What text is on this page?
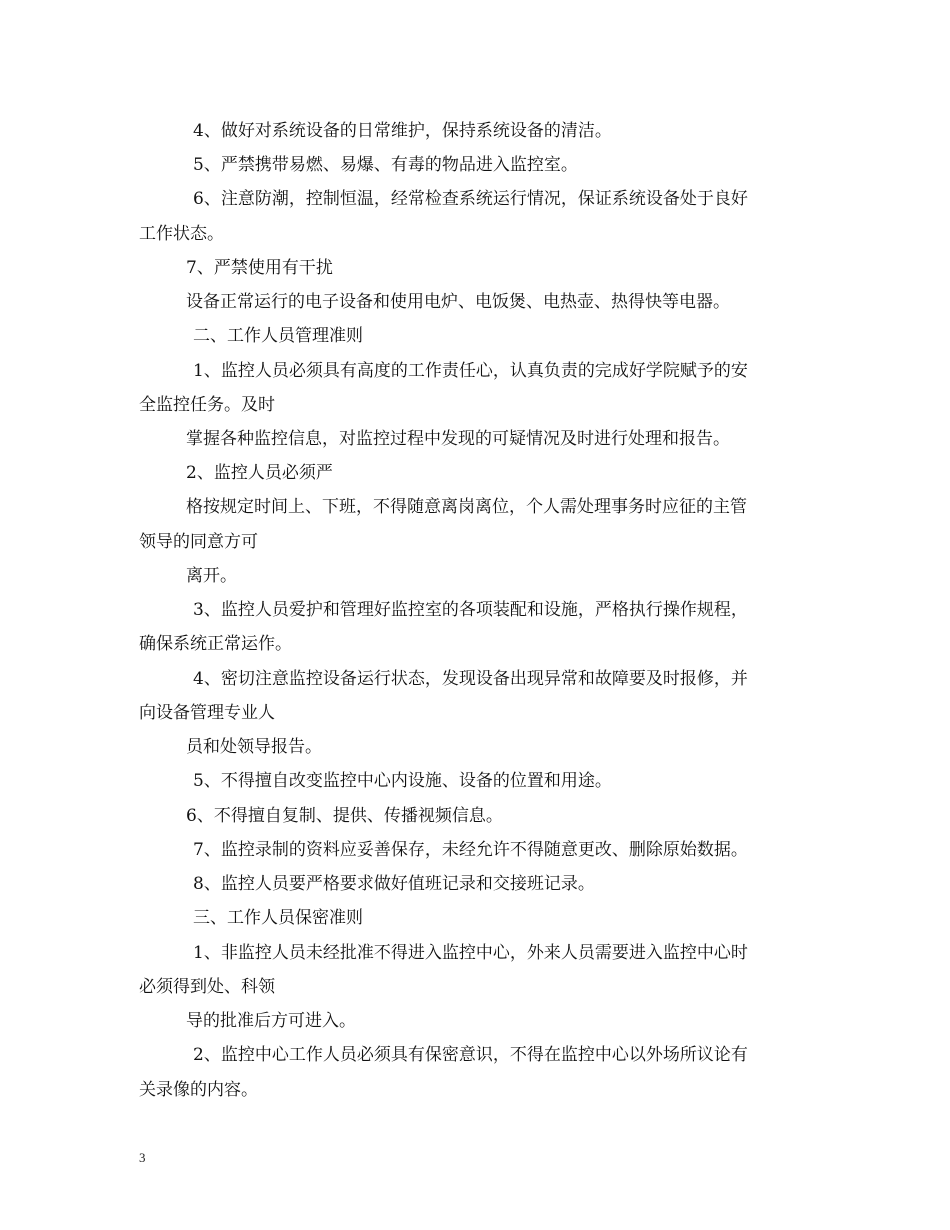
4、做好对系统设备的日常维护，保持系统设备的清洁。

5、严禁携带易燃、易爆、有毒的物品进入监控室。

6、注意防潮，控制恒温，经常检查系统运行情况，保证系统设备处于良好

工作状态。

7、严禁使用有干扰

设备正常运行的电子设备和使用电炉、电饭煲、电热壶、热得快等电器。

二、工作人员管理准则

1、监控人员必须具有高度的工作责任心，认真负责的完成好学院赋予的安

全监控任务。及时

掌握各种监控信息，对监控过程中发现的可疑情况及时进行处理和报告。

2、监控人员必须严

格按规定时间上、下班，不得随意离岗离位，个人需处理事务时应征的主管

领导的同意方可

离开。

3、监控人员爱护和管理好监控室的各项装配和设施，严格执行操作规程，

确保系统正常运作。

4、密切注意监控设备运行状态，发现设备出现异常和故障要及时报修，并

向设备管理专业人

员和处领导报告。

5、不得擅自改变监控中心内设施、设备的位置和用途。

6、不得擅自复制、提供、传播视频信息。

7、监控录制的资料应妥善保存，未经允许不得随意更改、删除原始数据。

8、监控人员要严格要求做好值班记录和交接班记录。

三、工作人员保密准则

1、非监控人员未经批准不得进入监控中心，外来人员需要进入监控中心时

必须得到处、科领

导的批准后方可进入。

2、监控中心工作人员必须具有保密意识，不得在监控中心以外场所议论有

关录像的内容。

3
